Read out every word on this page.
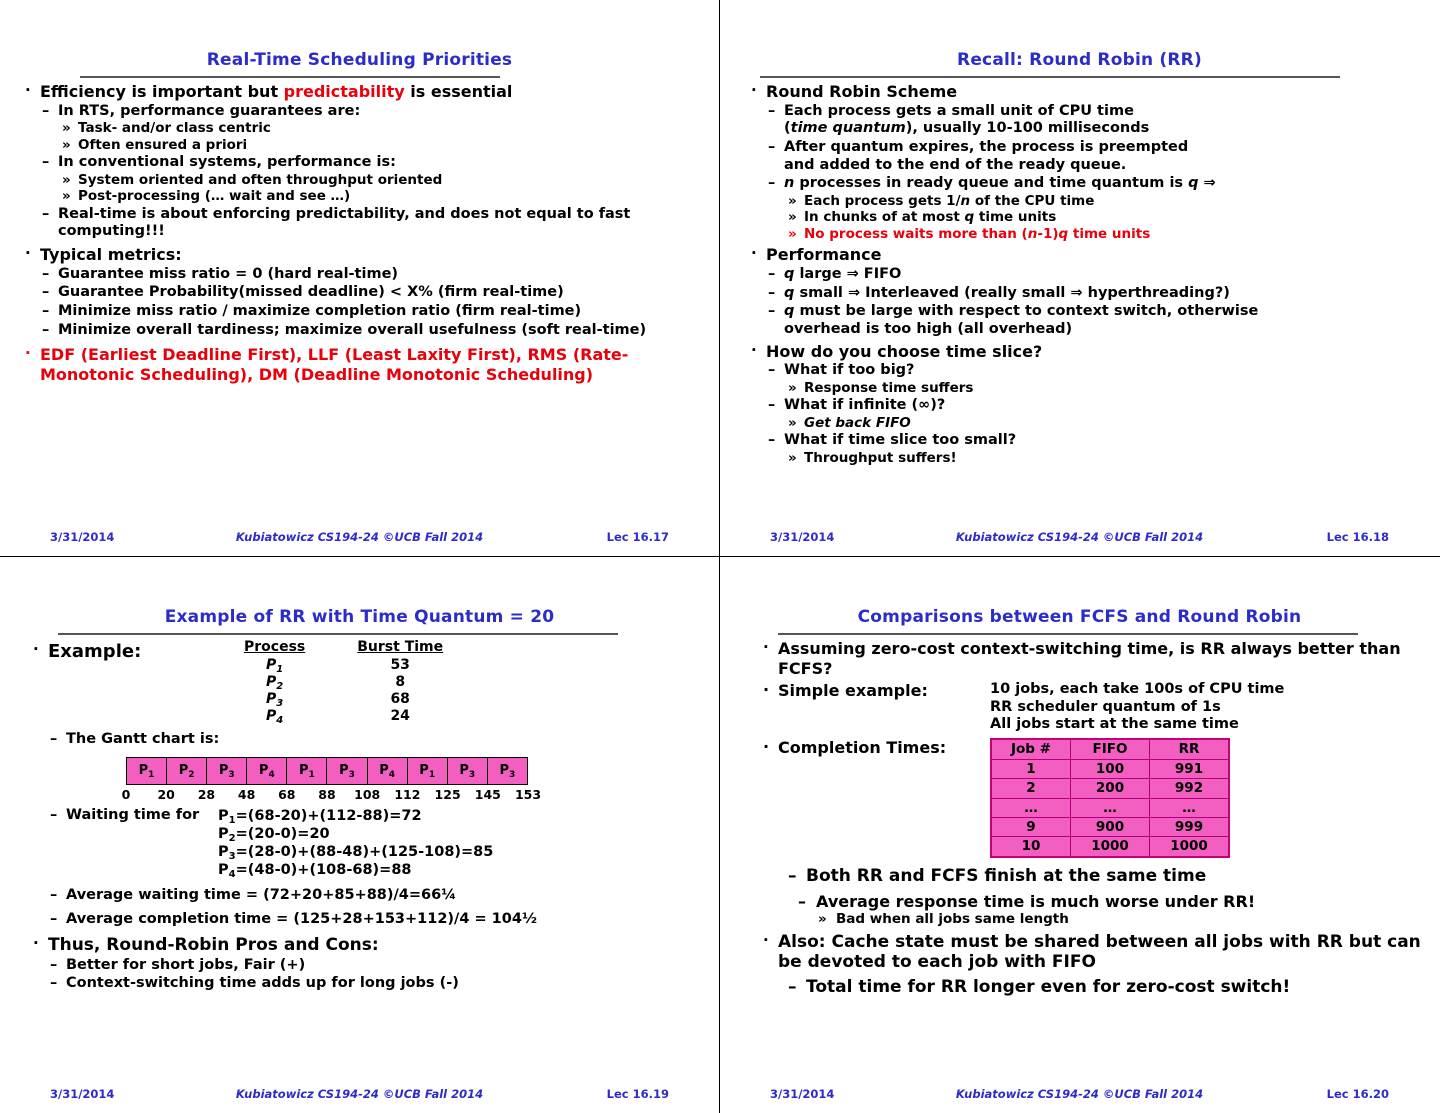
Real-Time Scheduling Priorities
· Efficiency is important but predictability is essential
– In RTS, performance guarantees are:
» Task- and/or class centric
» Often ensured a priori
– In conventional systems, performance is:
» System oriented and often throughput oriented
» Post-processing (… wait and see …)
– Real-time is about enforcing predictability, and does not equal to fast computing!!!
· Typical metrics:
– Guarantee miss ratio = 0 (hard real-time)
– Guarantee Probability(missed deadline) < X% (firm real-time)
– Minimize miss ratio / maximize completion ratio (firm real-time)
– Minimize overall tardiness; maximize overall usefulness (soft real-time)
· EDF (Earliest Deadline First), LLF (Least Laxity First), RMS (Rate-Monotonic Scheduling), DM (Deadline Monotonic Scheduling)
3/31/2014	Kubiatowicz CS194-24 ©UCB Fall 2014	Lec 16.17
Recall: Round Robin (RR)
· Round Robin Scheme
– Each process gets a small unit of CPU time
(time quantum), usually 10-100 milliseconds
– After quantum expires, the process is preempted
and added to the end of the ready queue.
– n processes in ready queue and time quantum is q ⇒
» Each process gets 1/n of the CPU time
» In chunks of at most q time units
» No process waits more than (n-1)q time units
· Performance
– q large ⇒ FIFO
– q small ⇒ Interleaved (really small ⇒ hyperthreading?)
– q must be large with respect to context switch, otherwise
overhead is too high (all overhead)
· How do you choose time slice?
– What if too big?
» Response time suffers
– What if infinite (∞)?
» Get back FIFO
– What if time slice too small?
» Throughput suffers!
3/31/2014	Kubiatowicz CS194-24 ©UCB Fall 2014	Lec 16.18
Example of RR with Time Quantum = 20
· Example:	Process	Burst Time
$P_1$	53
$P_2$	8
$P_3$	68
$P_4$	24
– The Gantt chart is:
$P_1$	$P_2$	$P_3$	$P_4$	$P_1$	$P_3$	$P_4$	$P_1$	$P_3$	$P_3$
0 20 28 48 68 88 108 112 125 145 153
– Waiting time for	$P_1=(68-20)+(112-88)=72$
$P_2=(20-0)=20$
$P_3=(28-0)+(88-48)+(125-108)=85$
$P_4=(48-0)+(108-68)=88$
– Average waiting time = (72+20+85+88)/4=66¼
– Average completion time = (125+28+153+112)/4 = 104½
· Thus, Round-Robin Pros and Cons:
– Better for short jobs, Fair (+)
– Context-switching time adds up for long jobs (-)
3/31/2014	Kubiatowicz CS194-24 ©UCB Fall 2014	Lec 16.19
Comparisons between FCFS and Round Robin
· Assuming zero-cost context-switching time, is RR always better than FCFS?
· Simple example:	10 jobs, each take 100s of CPU time
RR scheduler quantum of 1s
All jobs start at the same time
· Completion Times:	Job #	FIFO	RR
1	100	991
2	200	992
…	…	…
9	900	999
10	1000	1000
– Both RR and FCFS finish at the same time
– Average response time is much worse under RR!
» Bad when all jobs same length
· Also: Cache state must be shared between all jobs with RR but can be devoted to each job with FIFO
– Total time for RR longer even for zero-cost switch!
3/31/2014	Kubiatowicz CS194-24 ©UCB Fall 2014	Lec 16.20
